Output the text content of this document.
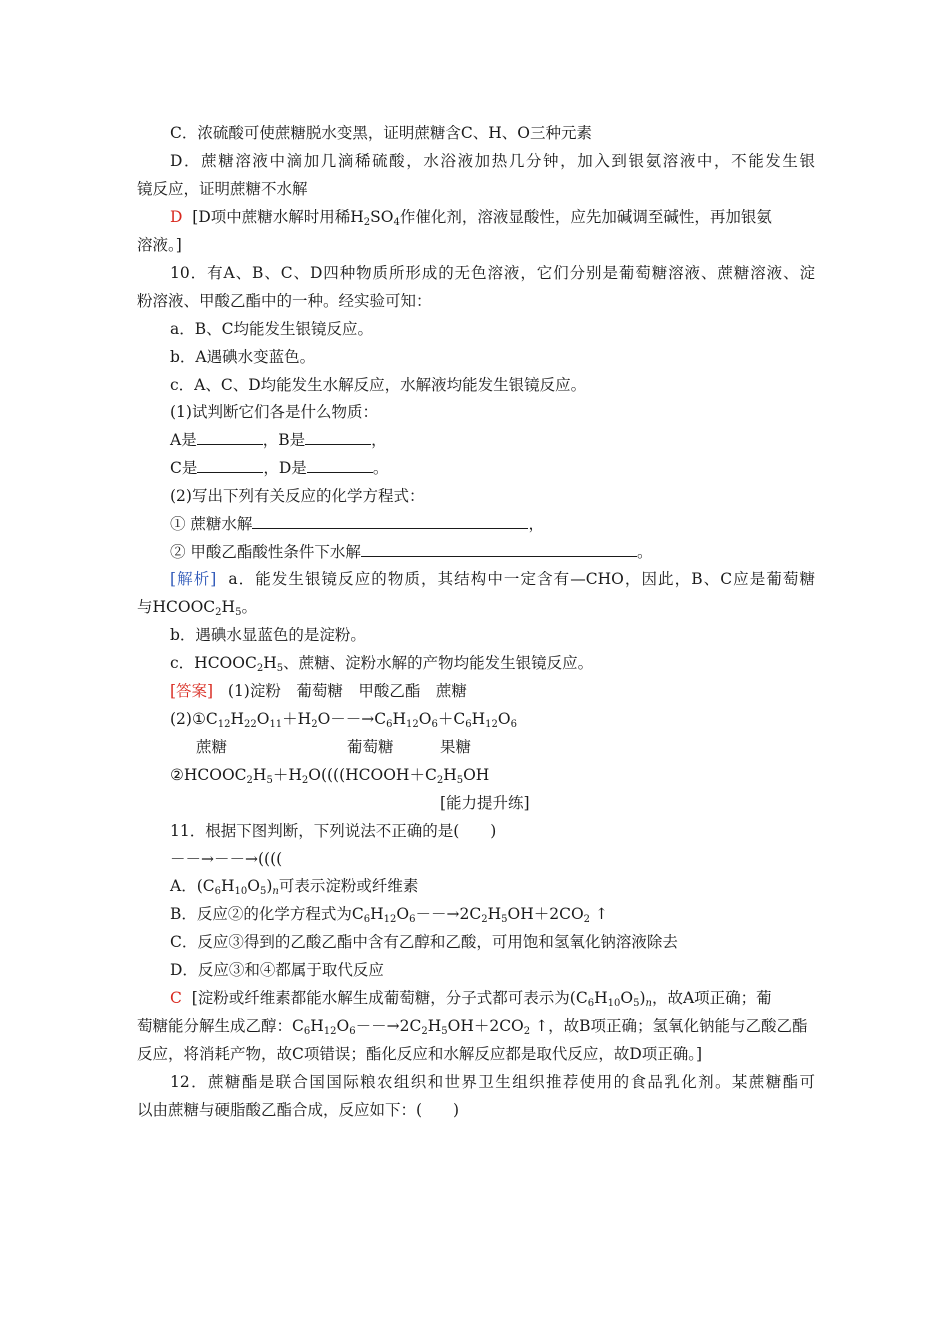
C．浓硫酸可使蔗糖脱水变黑，证明蔗糖含C、H、O三种元素
D．蔗糖溶液中滴加几滴稀硫酸，水浴液加热几分钟，加入到银氨溶液中，不能发生银
镜反应，证明蔗糖不水解
D [D项中蔗糖水解时用稀$H_2SO_4$作催化剂，溶液显酸性，应先加碱调至碱性，再加银氨
溶液。]
10．有A、B、C、D四种物质所形成的无色溶液，它们分别是葡萄糖溶液、蔗糖溶液、淀
粉溶液、甲酸乙酯中的一种。经实验可知：
a．B、C均能发生银镜反应。
b．A遇碘水变蓝色。
c．A、C、D均能发生水解反应，水解液均能发生银镜反应。
(1)试判断它们各是什么物质：
A是	，B是	，
C是	，D是	。
(2)写出下列有关反应的化学方程式：
① 蔗糖水解	，
② 甲酸乙酯酸性条件下水解	。
[解析] a．能发生银镜反应的物质，其结构中一定含有—CHO，因此，B、C应是葡萄糖
与$HCOOC_2H_5$。
b．遇碘水显蓝色的是淀粉。
c．$HCOOC_2H_5$、蔗糖、淀粉水解的产物均能发生银镜反应。
[答案] (1)淀粉　葡萄糖　甲酸乙酯　蔗糖
$(2)①C_{12}H_{22}O_{11}+H_2O--\to C_6H_{12}O_6+C_6H_{12}O_6$
蔗糖	葡萄糖	果糖
$②HCOOC_2H_5+H_2O((((HCOOH+C_2H_5OH$
[能力提升练]
11．根据下图判断，下列说法不正确的是(　　)
－－→－－→((((
A．$(C_6H_{10}O_5)_n$可表示淀粉或纤维素
B．反应②的化学方程式为$C_6H_{12}O_6--\to 2C_2H_5OH+2CO_2$ ↑
C．反应③得到的乙酸乙酯中含有乙醇和乙酸，可用饱和氢氧化钠溶液除去
D．反应③和④都属于取代反应
C [淀粉或纤维素都能水解生成葡萄糖，分子式都可表示为$(C_6H_{10}O_5)_n$，故A项正确；葡
萄糖能分解生成乙醇：$C_6H_{12}O_6--\to 2C_2H_5OH+2CO_2$ ↑，故B项正确；氢氧化钠能与乙酸乙酯
反应，将消耗产物，故C项错误；酯化反应和水解反应都是取代反应，故D项正确。]
12．蔗糖酯是联合国国际粮农组织和世界卫生组织推荐使用的食品乳化剂。某蔗糖酯可
以由蔗糖与硬脂酸乙酯合成，反应如下：(　　)
